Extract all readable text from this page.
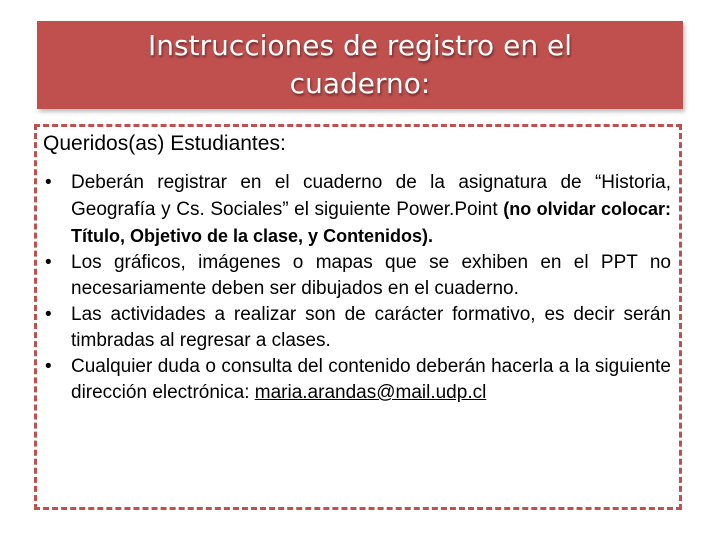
Instrucciones de registro en el
cuaderno:
Queridos(as) Estudiantes:
• Deberán registrar en el cuaderno de la asignatura de “Historia, Geografía y Cs. Sociales” el siguiente Power.Point (no olvidar colocar: Título, Objetivo de la clase, y Contenidos).
• Los gráficos, imágenes o mapas que se exhiben en el PPT no necesariamente deben ser dibujados en el cuaderno.
• Las actividades a realizar son de carácter formativo, es decir serán timbradas al regresar a clases.
• Cualquier duda o consulta del contenido deberán hacerla a la siguiente dirección electrónica: maria.arandas@mail.udp.cl
